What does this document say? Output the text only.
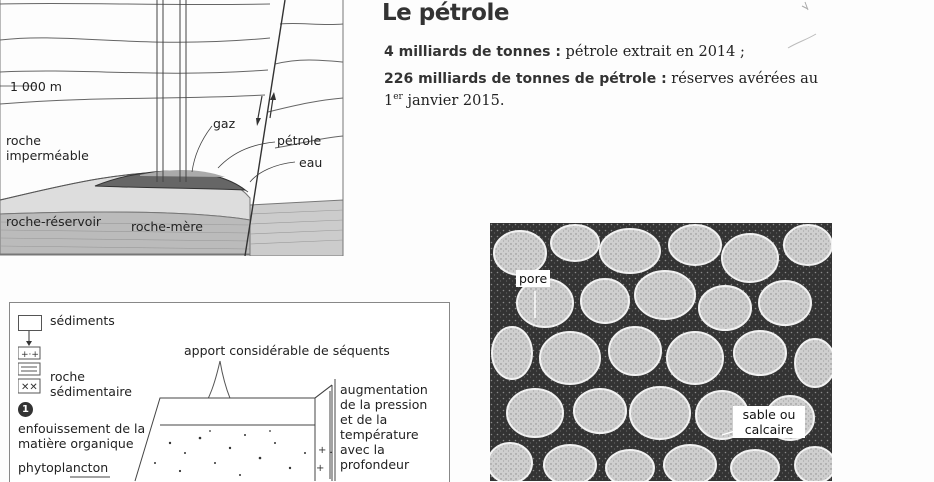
1 000 m
gaz
pétrole
eau
roche imperméable
roche-réservoir roche-mère
Le pétrole
4 milliards de tonnes : pétrole extrait en 2014 ;
226 milliards de tonnes de pétrole : réserves avérées au
1er janvier 2015.
pore
sable ou calcaire
sédiments
+·+
✕✕
roche sédimentaire
1
enfouissement de la matière organique
phytoplancton
apport considérable de séquents
augmentation de la pression et de la température avec la profondeur
+ .
+
